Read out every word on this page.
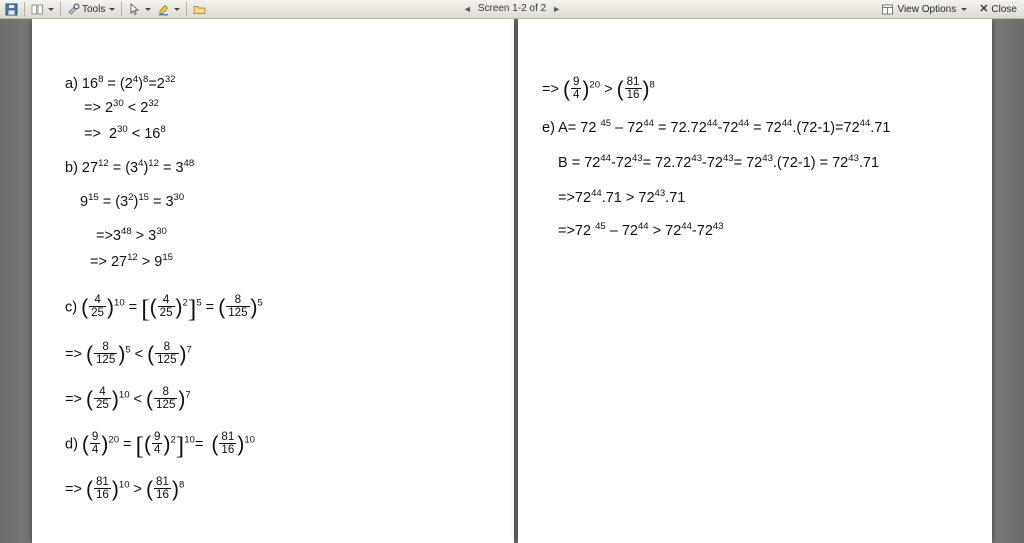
Tools	◄ Screen 1-2 of 2 ►	View Options ✕ Close
a) $16^8 = (2^4)^8=2^{32}$
=> $2^{30} < 2^{32}$
=>  $2^{30} < 16^8$
b) $27^{12} = (3^4)^{12} = 3^{48}$
$9^{15} = (3^2)^{15} = 3^{30}$
$=>3^{48} > 3^{30}$
=> $27^{12} > 9^{15}$
c) ( $\frac{4}{25} )^{10}$ = [( $\frac{4}{25} )^2]^5$ = ( $\frac{8}{125} )^5$
=> ( $\frac{8}{125} )^5$ < ( $\frac{8}{125} )^7$
=> ( $\frac{4}{25} )^{10}$ < ( $\frac{8}{125} )^7$
d) ( $\frac{9}{4} )^{20}$ = [( $\frac{9}{4} )^2]^{10}=$  ( $\frac{81}{16} )^{10}$
=> ( $\frac{81}{16} )^{10}$ > ( $\frac{81}{16} )^8$
=> ( $\frac{9}{4} )^{20}$ > ( $\frac{81}{16} )^8$
e) A= 72 $^{45} - 72^{44} = 72.72^{44}-72^{44} = 72^{44}.(72-1)=72^{44}.71$
$B = 72^{44}-72^{43}= 72.72^{43}-72^{43}= 72^{43}.(72-1) = 72^{43}.71$
$=>72^{44}.71 > 72^{43}.71$
=>72 $^{45} - 72^{44} > 72^{44}-72^{43}$
